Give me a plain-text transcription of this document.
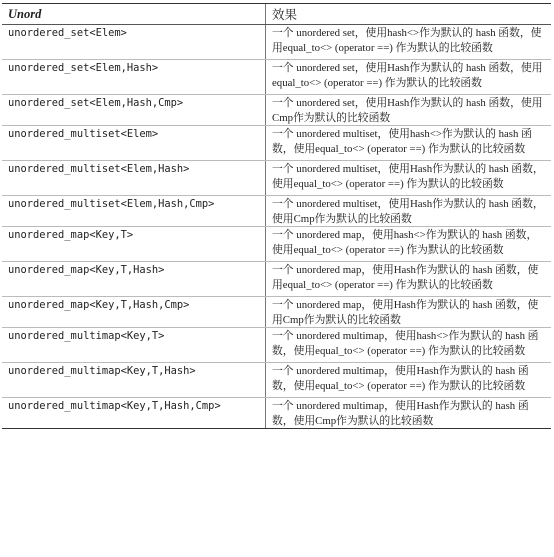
Unord	效果
unordered_set<Elem>	一个 unordered set，使用hash<>作为默认的 hash 函数，使用equal_to<> (operator ==) 作为默认的比较函数
unordered_set<Elem,Hash>	一个 unordered set，使用Hash作为默认的 hash 函数，使用equal_to<> (operator ==) 作为默认的比较函数
unordered_set<Elem,Hash,Cmp>	一个 unordered set，使用Hash作为默认的 hash 函数，使用Cmp作为默认的比较函数
unordered_multiset<Elem>	一个 unordered multiset，使用hash<>作为默认的 hash 函数，使用equal_to<> (operator ==) 作为默认的比较函数
unordered_multiset<Elem,Hash>	一个 unordered multiset，使用Hash作为默认的 hash 函数，使用equal_to<> (operator ==) 作为默认的比较函数
unordered_multiset<Elem,Hash,Cmp>	一个 unordered multiset，使用Hash作为默认的 hash 函数，使用Cmp作为默认的比较函数
unordered_map<Key,T>	一个 unordered map，使用hash<>作为默认的 hash 函数，使用equal_to<> (operator ==) 作为默认的比较函数
unordered_map<Key,T,Hash>	一个 unordered map，使用Hash作为默认的 hash 函数，使用equal_to<> (operator ==) 作为默认的比较函数
unordered_map<Key,T,Hash,Cmp>	一个 unordered map，使用Hash作为默认的 hash 函数，使用Cmp作为默认的比较函数
unordered_multimap<Key,T>	一个 unordered multimap，使用hash<>作为默认的 hash 函数，使用equal_to<> (operator ==) 作为默认的比较函数
unordered_multimap<Key,T,Hash>	一个 unordered multimap，使用Hash作为默认的 hash 函数，使用equal_to<> (operator ==) 作为默认的比较函数
unordered_multimap<Key,T,Hash,Cmp>	一个 unordered multimap，使用Hash作为默认的 hash 函数，使用Cmp作为默认的比较函数
